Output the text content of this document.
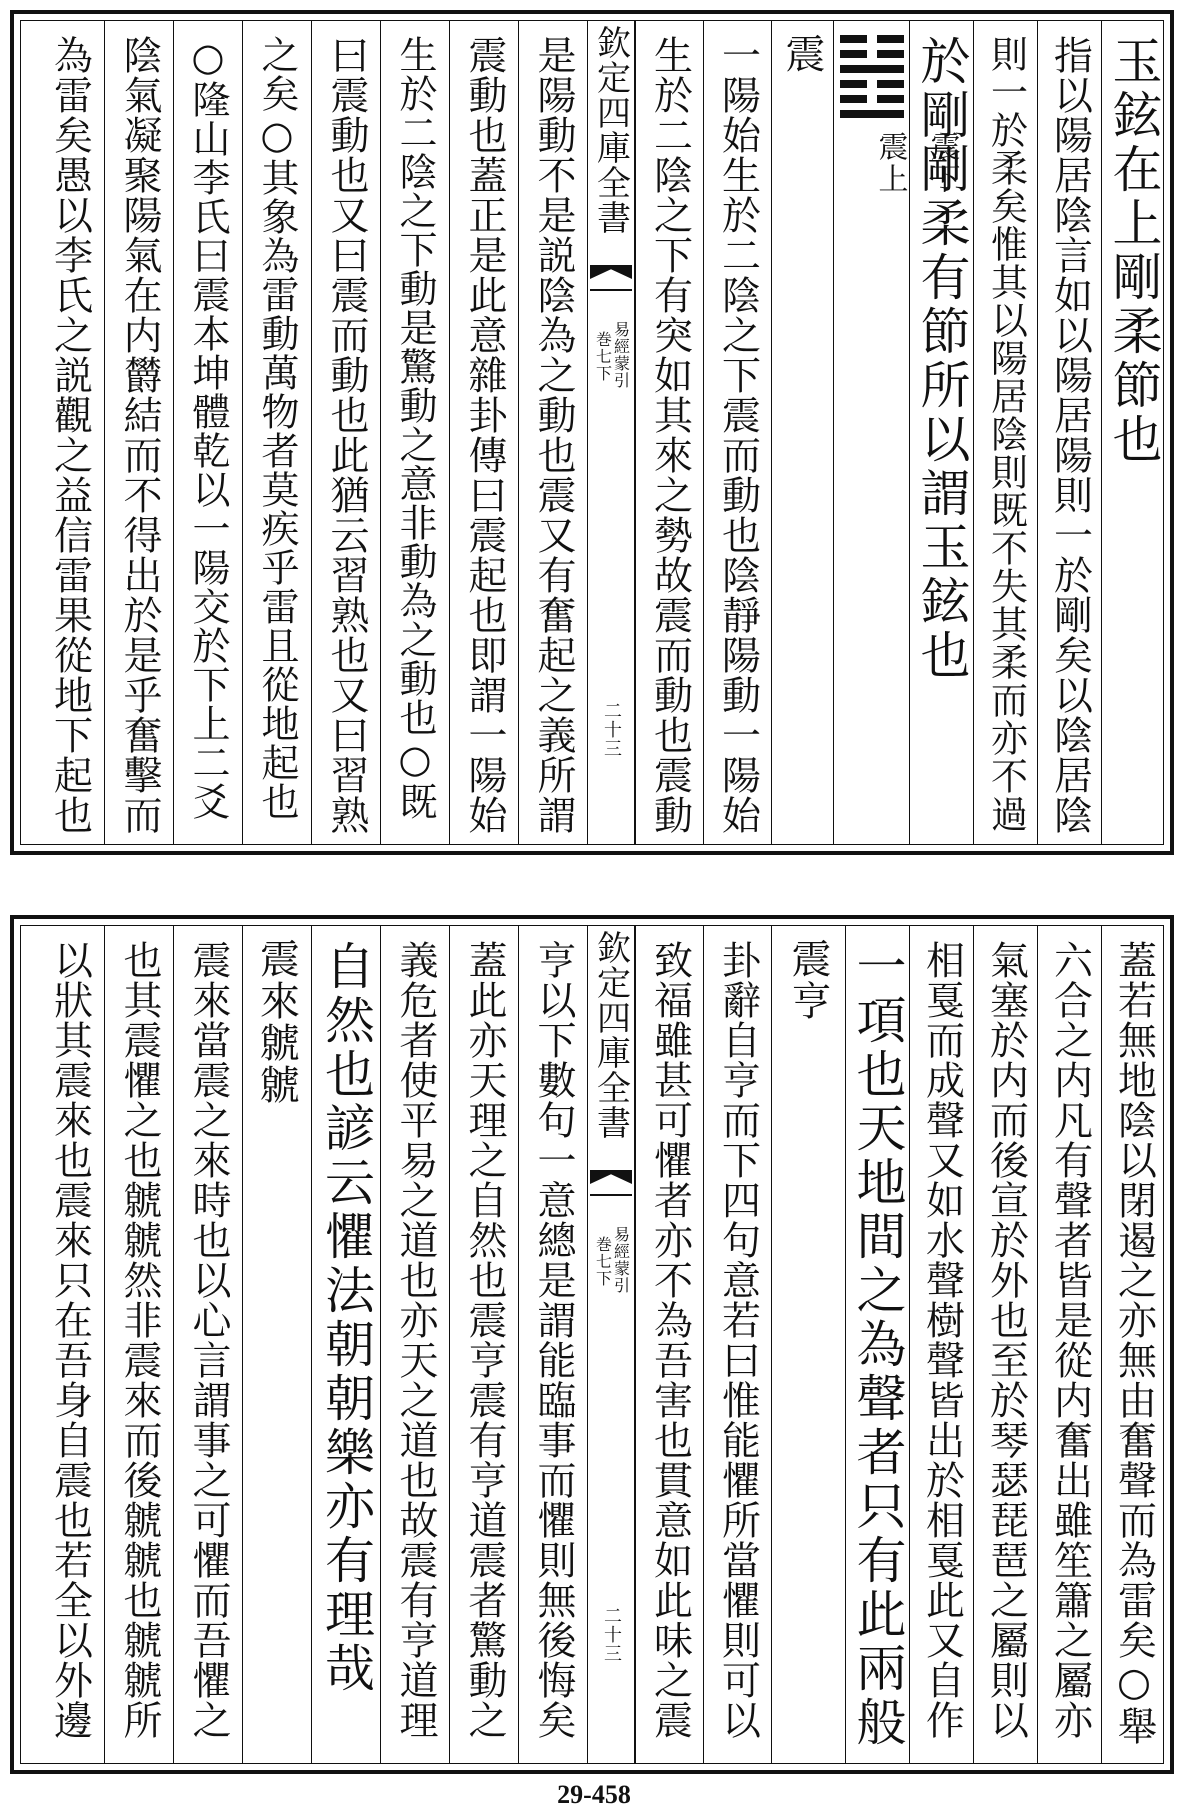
玉鉉在上剛柔節也
指以陽居陰言如以陽居陽則一於剛矣以陰居陰
則一於柔矣惟其以陽居陰則既不失其柔而亦不過
於剛剛柔有節所以謂玉鉉也
震下
震上
震
一陽始生於二陰之下震而動也陰靜陽動一陽始
生於二陰之下有突如其來之勢故震而動也震動
欽定四庫全書
易經蒙引
巻七下
二十三
是陽動不是説陰為之動也震又有奮起之義所謂
震動也蓋正是此意雜卦傳曰震起也即謂一陽始
生於二陰之下動是驚動之意非動為之動也○既
曰震動也又曰震而動也此猶云習熟也又曰習熟
之矣○其象為雷動萬物者莫疾乎雷且從地起也
○隆山李氏曰震本坤體乾以一陽交於下上二爻
陰氣凝聚陽氣在内欝結而不得出於是乎奮擊而
為雷矣愚以李氏之説觀之益信雷果從地下起也
蓋若無地陰以閉遏之亦無由奮聲而為雷矣○舉
六合之内凡有聲者皆是從内奮出雖笙簫之屬亦
氣塞於内而後宣於外也至於琴瑟琵琶之屬則以
相戛而成聲又如水聲樹聲皆出於相戛此又自作
一項也天地間之為聲者只有此兩般
震亨
卦辭自亨而下四句意若曰惟能懼所當懼則可以
致福雖甚可懼者亦不為吾害也貫意如此味之震
欽定四庫全書
易經蒙引
巻七下
二十三
亨以下數句一意總是謂能臨事而懼則無後悔矣
蓋此亦天理之自然也震亨震有亨道震者驚動之
義危者使平易之道也亦天之道也故震有亨道理
自然也諺云懼法朝朝樂亦有理哉
震來虩虩
震來當震之來時也以心言謂事之可懼而吾懼之
也其震懼之也虩虩然非震來而後虩虩也虩虩所
以狀其震來也震來只在吾身自震也若全以外邊
29-458
